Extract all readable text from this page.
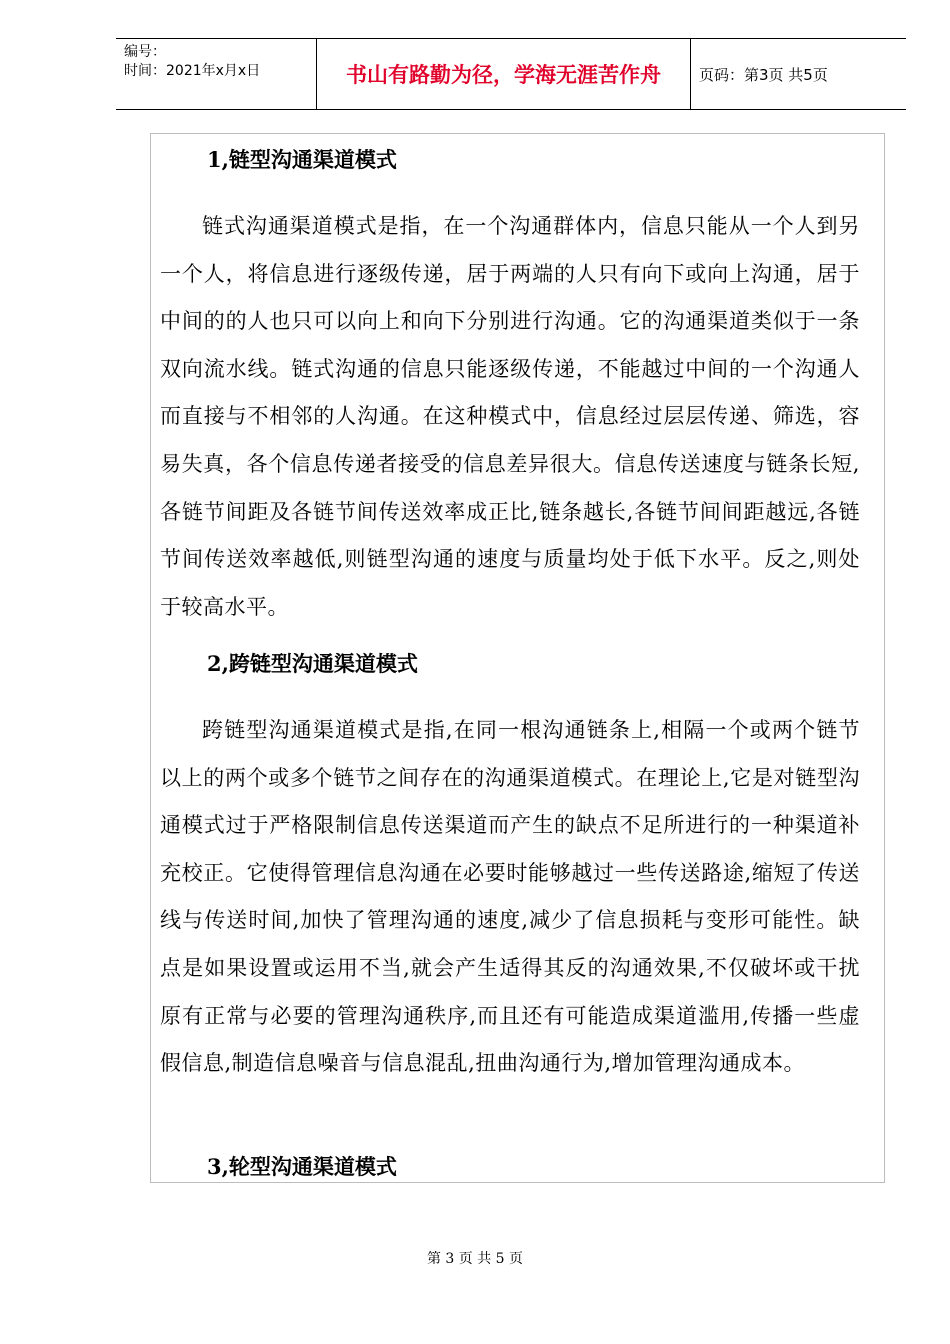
编号：
时间：2021年x月x日	书山有路勤为径，学海无涯苦作舟	页码：第3页 共5页
1,链型沟通渠道模式
链式沟通渠道模式是指，在一个沟通群体内，信息只能从一个人到另一个人，将信息进行逐级传递，居于两端的人只有向下或向上沟通，居于中间的的人也只可以向上和向下分别进行沟通。它的沟通渠道类似于一条双向流水线。链式沟通的信息只能逐级传递，不能越过中间的一个沟通人而直接与不相邻的人沟通。在这种模式中，信息经过层层传递、筛选，容易失真，各个信息传递者接受的信息差异很大。信息传送速度与链条长短,各链节间距及各链节间传送效率成正比,链条越长,各链节间间距越远,各链节间传送效率越低,则链型沟通的速度与质量均处于低下水平。反之,则处于较高水平。
2,跨链型沟通渠道模式
跨链型沟通渠道模式是指,在同一根沟通链条上,相隔一个或两个链节以上的两个或多个链节之间存在的沟通渠道模式。在理论上,它是对链型沟通模式过于严格限制信息传送渠道而产生的缺点不足所进行的一种渠道补充校正。它使得管理信息沟通在必要时能够越过一些传送路途,缩短了传送线与传送时间,加快了管理沟通的速度,减少了信息损耗与变形可能性。缺点是如果设置或运用不当,就会产生适得其反的沟通效果,不仅破坏或干扰原有正常与必要的管理沟通秩序,而且还有可能造成渠道滥用,传播一些虚假信息,制造信息噪音与信息混乱,扭曲沟通行为,增加管理沟通成本。
3,轮型沟通渠道模式
第 3 页 共 5 页
